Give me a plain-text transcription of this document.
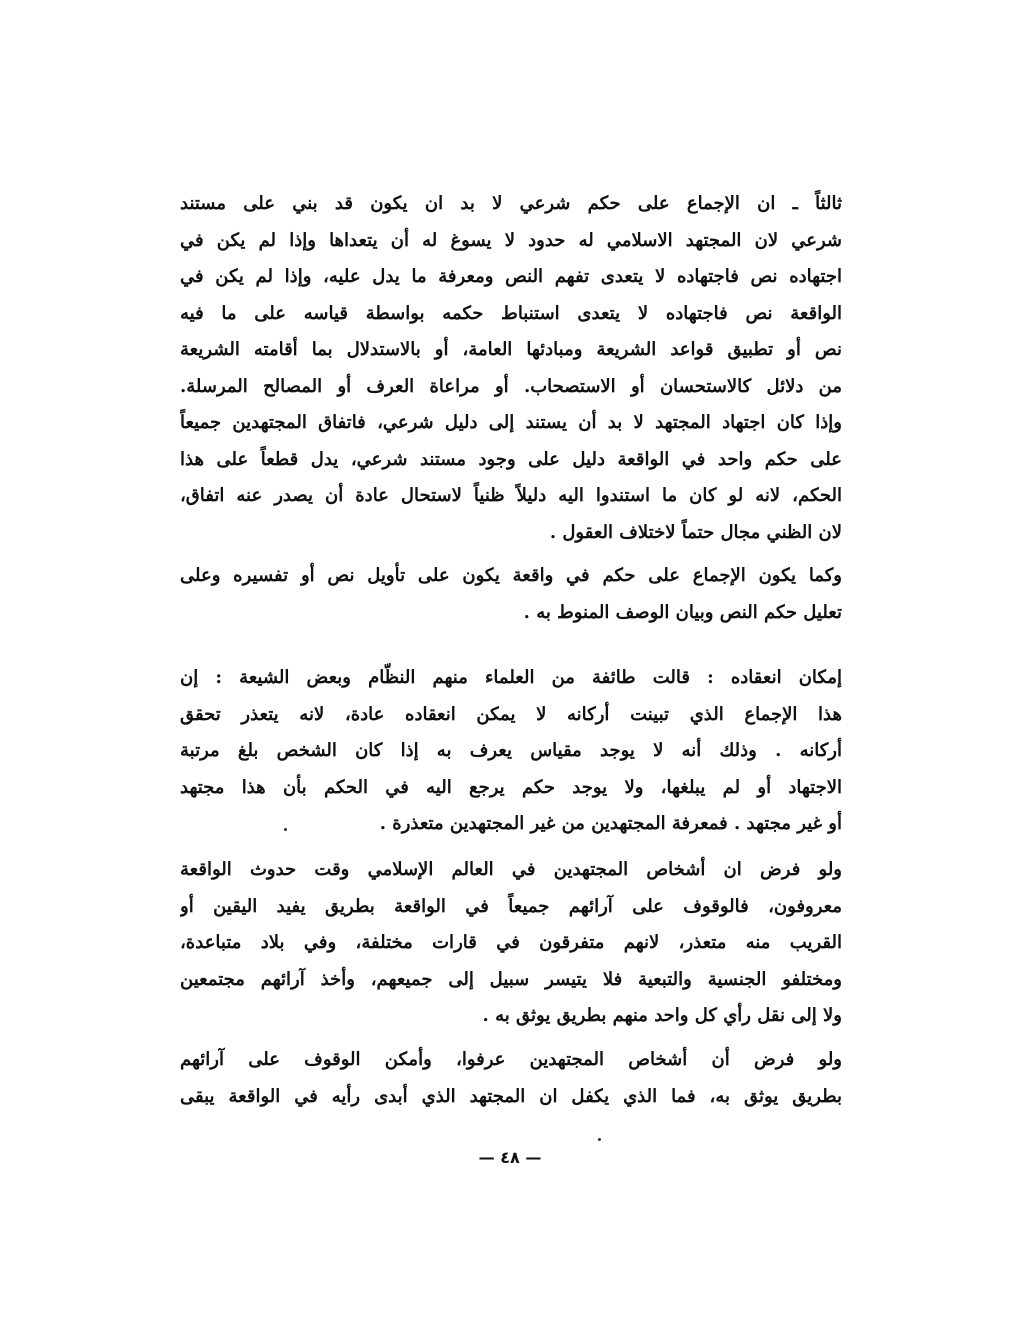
ثالثاً ـ ان الإجماع على حكم شرعي لا بد ان يكون قد بني على مستند
شرعي لان المجتهد الاسلامي له حدود لا يسوغ له أن يتعداها وإذا لم يكن في
اجتهاده نص فاجتهاده لا يتعدى تفهم النص ومعرفة ما يدل عليه، وإذا لم يكن في
الواقعة نص فاجتهاده لا يتعدى استنباط حكمه بواسطة قياسه على ما فيه
نص أو تطبيق قواعد الشريعة ومبادئها العامة، أو بالاستدلال بما أقامته الشريعة
من دلائل كالاستحسان أو الاستصحاب. أو مراعاة العرف أو المصالح المرسلة.
وإذا كان اجتهاد المجتهد لا بد أن يستند إلى دليل شرعي، فاتفاق المجتهدين جميعاً
على حكم واحد في الواقعة دليل على وجود مستند شرعي، يدل قطعاً على هذا
الحكم، لانه لو كان ما استندوا اليه دليلاً ظنياً لاستحال عادة أن يصدر عنه اتفاق،
لان الظني مجال حتماً لاختلاف العقول .
وكما يكون الإجماع على حكم في واقعة يكون على تأويل نص أو تفسيره وعلى
تعليل حكم النص وبيان الوصف المنوط به .
إمكان انعقاده : قالت طائفة من العلماء منهم النظّام وبعض الشيعة : إن
هذا الإجماع الذي تبينت أركانه لا يمكن انعقاده عادة، لانه يتعذر تحقق
أركانه . وذلك أنه لا يوجد مقياس يعرف به إذا كان الشخص بلغ مرتبة
الاجتهاد أو لم يبلغها، ولا يوجد حكم يرجع اليه في الحكم بأن هذا مجتهد
أو غير مجتهد . فمعرفة المجتهدين من غير المجتهدين متعذرة .
ولو فرض ان أشخاص المجتهدين في العالم الإسلامي وقت حدوث الواقعة
معروفون، فالوقوف على آرائهم جميعاً في الواقعة بطريق يفيد اليقين أو
القريب منه متعذر، لانهم متفرقون في قارات مختلفة، وفي بلاد متباعدة،
ومختلفو الجنسية والتبعية فلا يتيسر سبيل إلى جميعهم، وأخذ آرائهم مجتمعين
ولا إلى نقل رأي كل واحد منهم بطريق يوثق به .
ولو فرض أن أشخاص المجتهدين عرفوا، وأمكن الوقوف على آرائهم
بطريق يوثق به، فما الذي يكفل ان المجتهد الذي أبدى رأيه في الواقعة يبقى
— ٤٨ —
